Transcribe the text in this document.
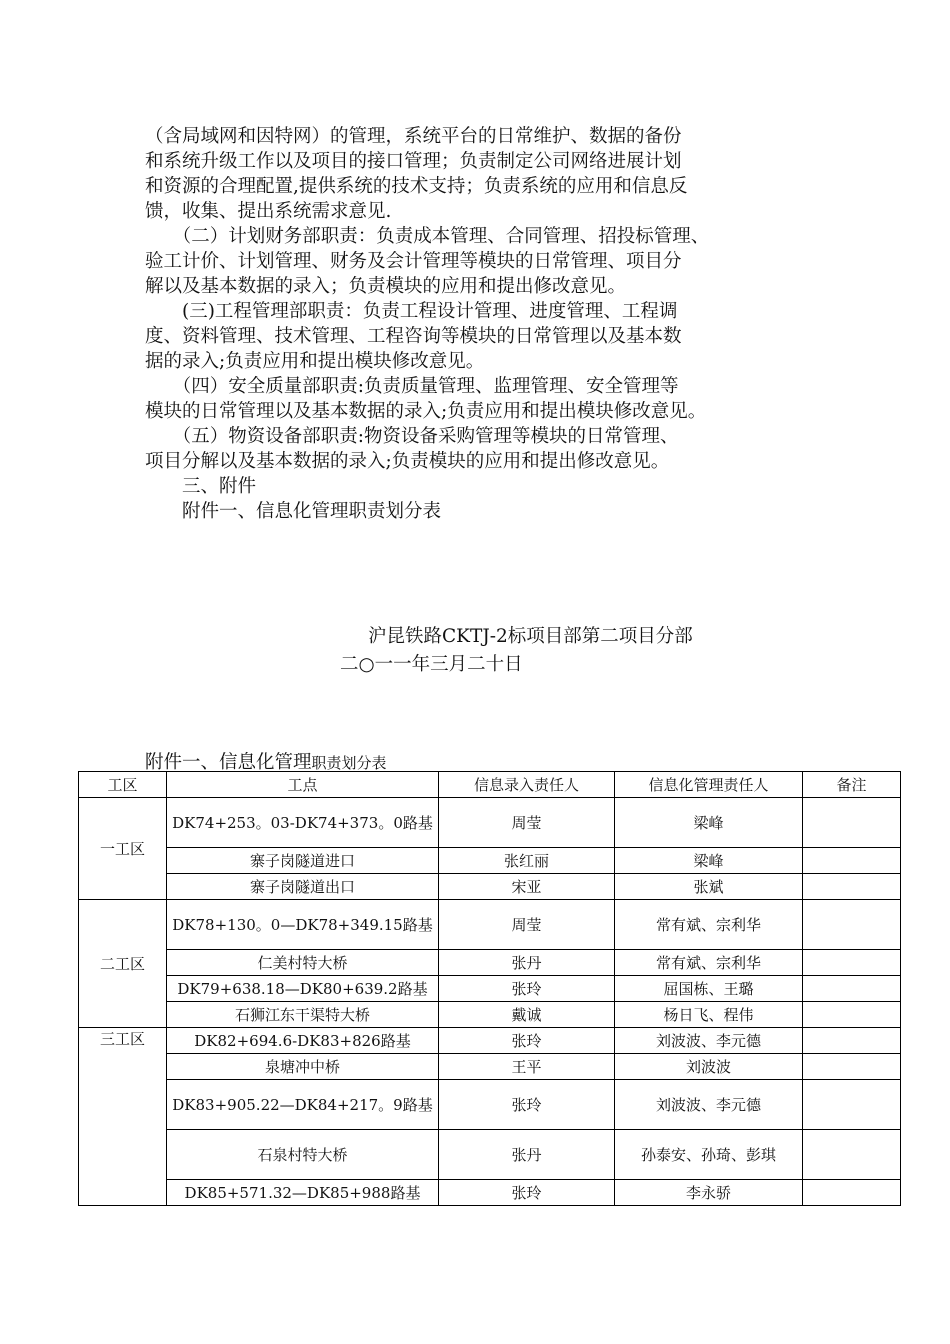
（含局域网和因特网）的管理，系统平台的日常维护、数据的备份
和系统升级工作以及项目的接口管理；负责制定公司网络进展计划
和资源的合理配置,提供系统的技术支持；负责系统的应用和信息反
馈，收集、提出系统需求意见.
　　（二）计划财务部职责：负责成本管理、合同管理、招投标管理、
验工计价、计划管理、财务及会计管理等模块的日常管理、项目分
解以及基本数据的录入；负责模块的应用和提出修改意见。
　　(三)工程管理部职责：负责工程设计管理、进度管理、工程调
度、资料管理、技术管理、工程咨询等模块的日常管理以及基本数
据的录入;负责应用和提出模块修改意见。
　　（四）安全质量部职责:负责质量管理、监理管理、安全管理等
模块的日常管理以及基本数据的录入;负责应用和提出模块修改意见。
　　（五）物资设备部职责:物资设备采购管理等模块的日常管理、
项目分解以及基本数据的录入;负责模块的应用和提出修改意见。
　　三、附件
　　附件一、信息化管理职责划分表
沪昆铁路CKTJ-2标项目部第二项目分部
二○一一年三月二十日
附件一、信息化管理职责划分表
工区	工点	信息录入责任人	信息化管理责任人	备注
一工区	DK74+253。03-DK74+373。0路基	周莹	梁峰	
	寨子岗隧道进口	张红丽	梁峰	
	寨子岗隧道出口	宋亚	张斌	
二工区	DK78+130。0—DK78+349.15路基	周莹	常有斌、宗利华	
	仁美村特大桥	张丹	常有斌、宗利华	
	DK79+638.18—DK80+639.2路基	张玲	屈国栋、王璐	
	石狮江东干渠特大桥	戴诚	杨日飞、程伟	
三工区	DK82+694.6-DK83+826路基	张玲	刘波波、李元德	
	泉塘冲中桥	王平	刘波波	
	DK83+905.22—DK84+217。9路基	张玲	刘波波、李元德	
	石泉村特大桥	张丹	孙泰安、孙琦、彭琪	
	DK85+571.32—DK85+988路基	张玲	李永骄	
